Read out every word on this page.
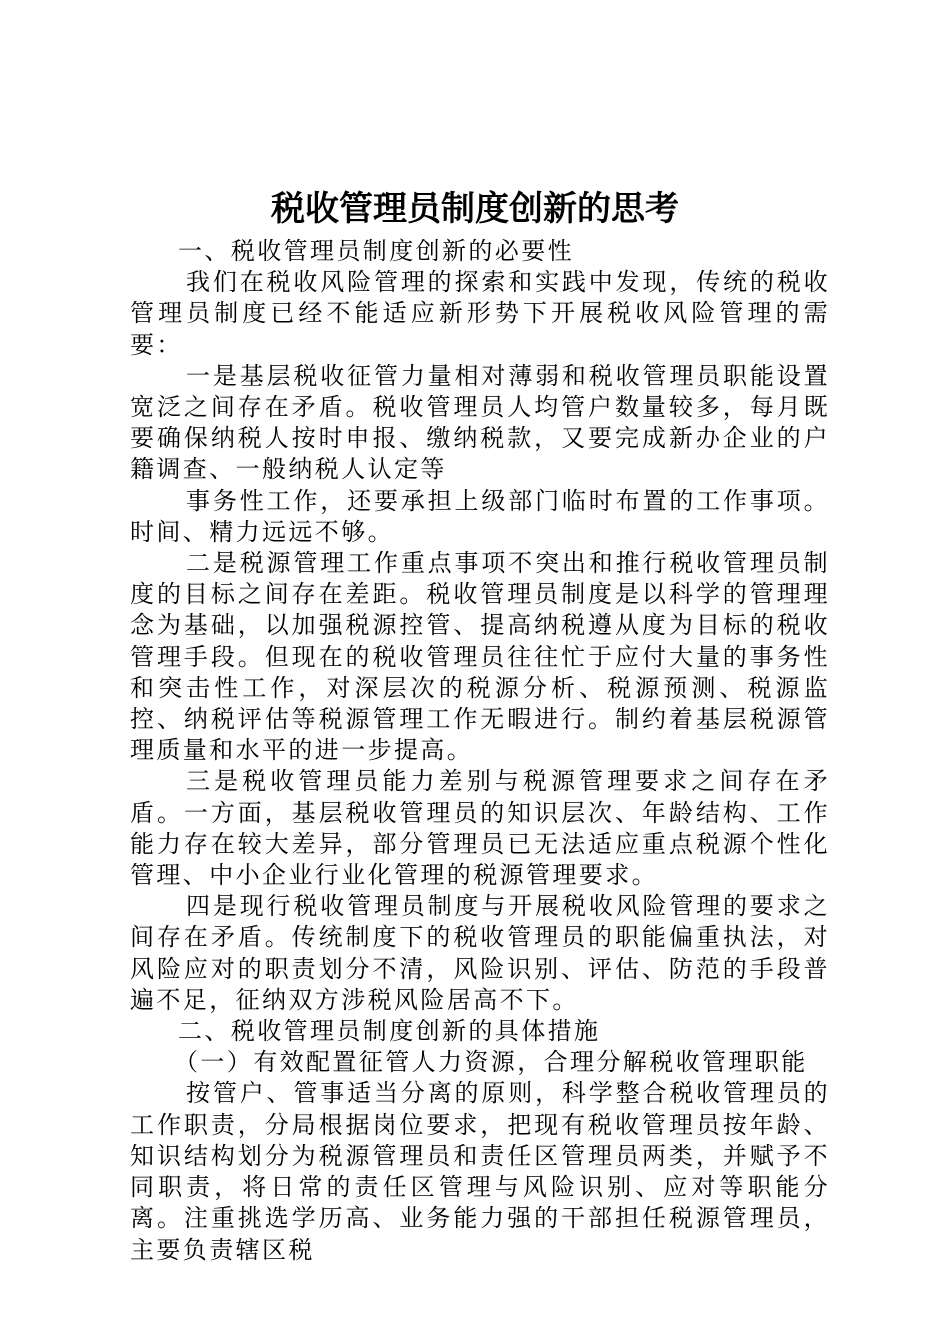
税收管理员制度创新的思考

一、税收管理员制度创新的必要性

我们在税收风险管理的探索和实践中发现，传统的税收管理员制度已经不能适应新形势下开展税收风险管理的需要：

一是基层税收征管力量相对薄弱和税收管理员职能设置宽泛之间存在矛盾。税收管理员人均管户数量较多，每月既要确保纳税人按时申报、缴纳税款，又要完成新办企业的户籍调查、一般纳税人认定等

事务性工作，还要承担上级部门临时布置的工作事项。时间、精力远远不够。

二是税源管理工作重点事项不突出和推行税收管理员制度的目标之间存在差距。税收管理员制度是以科学的管理理念为基础，以加强税源控管、提高纳税遵从度为目标的税收管理手段。但现在的税收管理员往往忙于应付大量的事务性和突击性工作，对深层次的税源分析、税源预测、税源监控、纳税评估等税源管理工作无暇进行。制约着基层税源管理质量和水平的进一步提高。

三是税收管理员能力差别与税源管理要求之间存在矛盾。一方面，基层税收管理员的知识层次、年龄结构、工作能力存在较大差异，部分管理员已无法适应重点税源个性化管理、中小企业行业化管理的税源管理要求。

四是现行税收管理员制度与开展税收风险管理的要求之间存在矛盾。传统制度下的税收管理员的职能偏重执法，对风险应对的职责划分不清，风险识别、评估、防范的手段普遍不足，征纳双方涉税风险居高不下。

二、税收管理员制度创新的具体措施

（一）有效配置征管人力资源，合理分解税收管理职能

按管户、管事适当分离的原则，科学整合税收管理员的工作职责，分局根据岗位要求，把现有税收管理员按年龄、知识结构划分为税源管理员和责任区管理员两类，并赋予不同职责，将日常的责任区管理与风险识别、应对等职能分离。注重挑选学历高、业务能力强的干部担任税源管理员，主要负责辖区税
